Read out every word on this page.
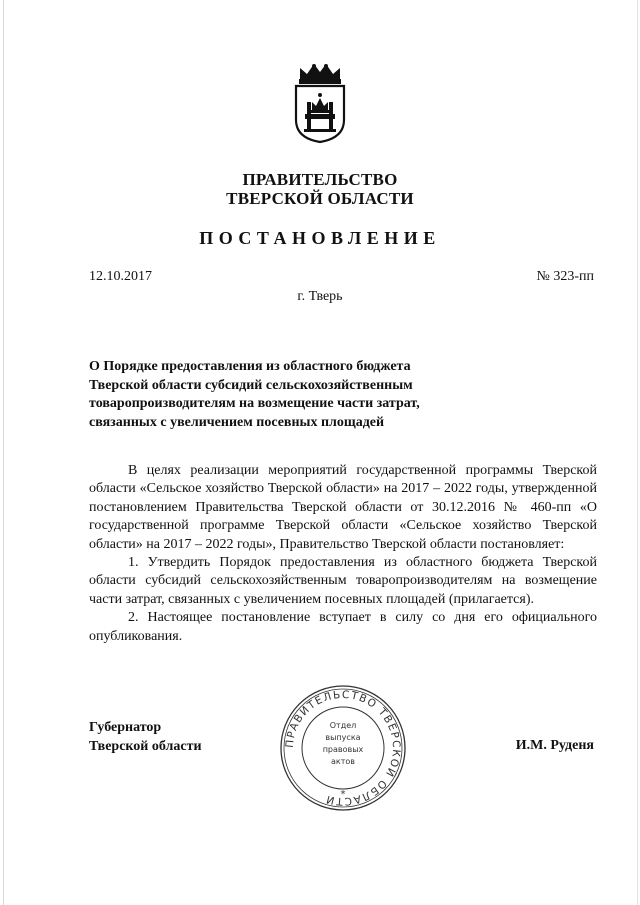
ПРАВИТЕЛЬСТВО
ТВЕРСКОЙ ОБЛАСТИ
ПОСТАНОВЛЕНИЕ
12.10.2017	№ 323-пп
г. Тверь
О Порядке предоставления из областного бюджета
Тверской области субсидий сельскохозяйственным
товаропроизводителям на возмещение части затрат,
связанных с увеличением посевных площадей

В целях реализации мероприятий государственной программы Тверской области «Сельское хозяйство Тверской области» на 2017 – 2022 годы, утвержденной постановлением Правительства Тверской области от 30.12.2016 № 460-пп «О государственной программе Тверской области «Сельское хозяйство Тверской области» на 2017 – 2022 годы», Правительство Тверской области постановляет:

1. Утвердить Порядок предоставления из областного бюджета Тверской области субсидий сельскохозяйственным товаропроизводителям на возмещение части затрат, связанных с увеличением посевных площадей (прилагается).

2. Настоящее постановление вступает в силу со дня его официального опубликования.

Губернатор
Тверской области	И.М. Руденя
ПРАВИТЕЛЬСТВО ТВЕРСКОЙ ОБЛАСТИ
Отдел
выпуска
правовых
актов
*
